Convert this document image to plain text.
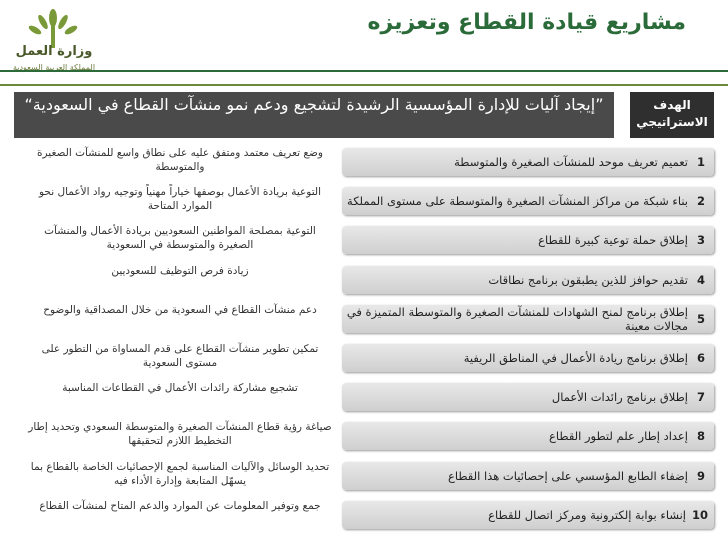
وزارة العمل
المملكة العربية السعودية
مشاريع قيادة القطاع وتعزيزه
الهدف الاستراتيجي
”إيجاد آليات للإدارة المؤسسية الرشيدة لتشجيع ودعم نمو منشآت القطاع في السعودية“
1
تعميم تعريف موحد للمنشآت الصغيرة والمتوسطة
وضع تعريف معتمد ومتفق عليه على نطاق واسع للمنشآت الصغيرة والمتوسطة
2
بناء شبكة من مراكز المنشآت الصغيرة والمتوسطة على مستوى المملكة
التوعية بريادة الأعمال بوصفها خياراً مهنياً وتوجيه رواد الأعمال نحو الموارد المتاحة
3
إطلاق حملة توعية كبيرة للقطاع
التوعية بمصلحة المواطنين السعوديين بريادة الأعمال والمنشآت الصغيرة والمتوسطة في السعودية
4
تقديم حوافز للذين يطبقون برنامج نطاقات
زيادة فرص التوظيف للسعوديين
5
إطلاق برنامج لمنح الشهادات للمنشآت الصغيرة والمتوسطة المتميزة في مجالات معينة
دعم منشآت القطاع في السعودية من خلال المصداقية والوضوح
6
إطلاق برنامج ريادة الأعمال في المناطق الريفية
تمكين تطوير منشآت القطاع على قدم المساواة من التطور على مستوى السعودية
7
إطلاق برنامج رائدات الأعمال
تشجيع مشاركة رائدات الأعمال في القطاعات المناسبة
8
إعداد إطار علم لتطور القطاع
صياغة رؤية قطاع المنشآت الصغيرة والمتوسطة السعودي وتحديد إطار التخطيط اللازم لتحقيقها
9
إضفاء الطابع المؤسسي على إحصائيات هذا القطاع
تحديد الوسائل والآليات المناسبة لجمع الإحصائيات الخاصة بالقطاع بما يسهّل المتابعة وإدارة الأداء فيه
10
إنشاء بوابة إلكترونية ومركز اتصال للقطاع
جمع وتوفير المعلومات عن الموارد والدعم المتاح لمنشآت القطاع
